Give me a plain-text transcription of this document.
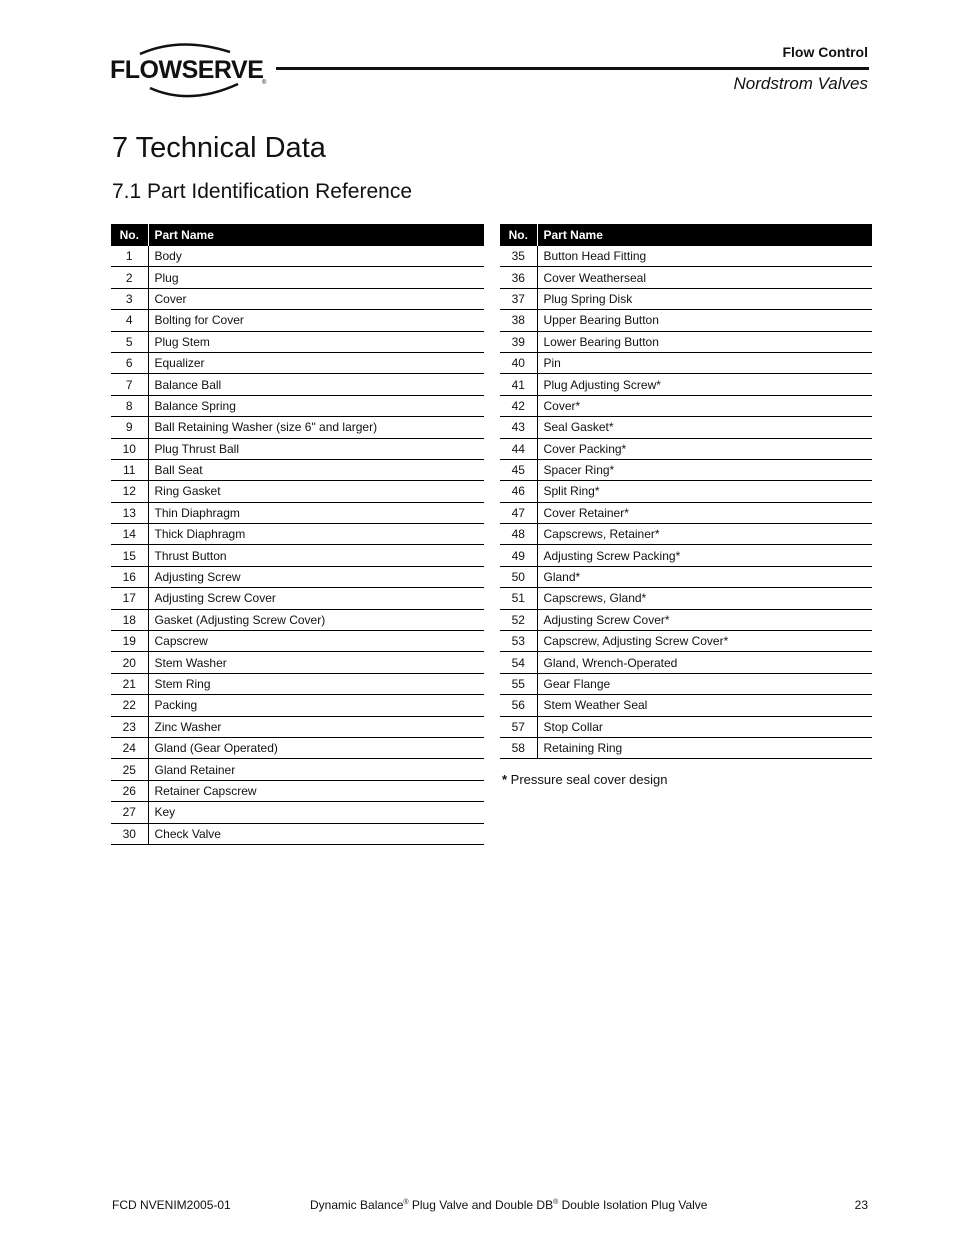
FLOWSERVE
®
Flow Control
Nordstrom Valves
7 Technical Data
7.1 Part Identification Reference
No.	Part Name
1	Body
2	Plug
3	Cover
4	Bolting for Cover
5	Plug Stem
6	Equalizer
7	Balance Ball
8	Balance Spring
9	Ball Retaining Washer (size 6" and larger)
10	Plug Thrust Ball
11	Ball Seat
12	Ring Gasket
13	Thin Diaphragm
14	Thick Diaphragm
15	Thrust Button
16	Adjusting Screw
17	Adjusting Screw Cover
18	Gasket (Adjusting Screw Cover)
19	Capscrew
20	Stem Washer
21	Stem Ring
22	Packing
23	Zinc Washer
24	Gland (Gear Operated)
25	Gland Retainer
26	Retainer Capscrew
27	Key
30	Check Valve
No.	Part Name
35	Button Head Fitting
36	Cover Weatherseal
37	Plug Spring Disk
38	Upper Bearing Button
39	Lower Bearing Button
40	Pin
41	Plug Adjusting Screw*
42	Cover*
43	Seal Gasket*
44	Cover Packing*
45	Spacer Ring*
46	Split Ring*
47	Cover Retainer*
48	Capscrews, Retainer*
49	Adjusting Screw Packing*
50	Gland*
51	Capscrews, Gland*
52	Adjusting Screw Cover*
53	Capscrew, Adjusting Screw Cover*
54	Gland, Wrench-Operated
55	Gear Flange
56	Stem Weather Seal
57	Stop Collar
58	Retaining Ring
* Pressure seal cover design
FCD NVENIM2005-01	Dynamic Balance® Plug Valve and Double DB® Double Isolation Plug Valve	23
